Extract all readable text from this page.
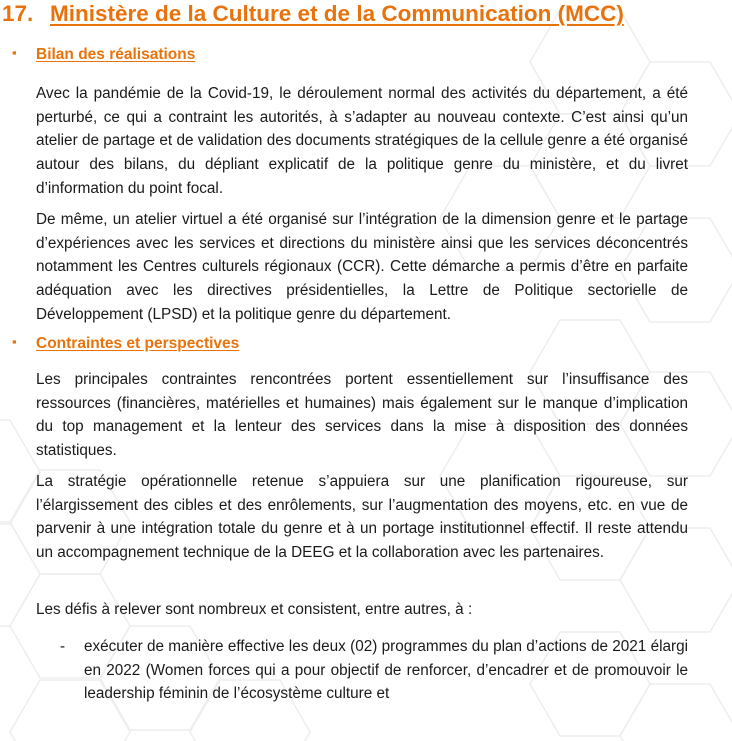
17. Ministère de la Culture et de la Communication (MCC)
▪ Bilan des réalisations

Avec la pandémie de la Covid-19, le déroulement normal des activités du département, a été perturbé, ce qui a contraint les autorités, à s’adapter au nouveau contexte. C’est ainsi qu’un atelier de partage et de validation des documents stratégiques de la cellule genre a été organisé autour des bilans, du dépliant explicatif de la politique genre du ministère, et du livret d’information du point focal.

De même, un atelier virtuel a été organisé sur l’intégration de la dimension genre et le partage d’expériences avec les services et directions du ministère ainsi que les services déconcentrés notamment les Centres culturels régionaux (CCR). Cette démarche a permis d’être en parfaite adéquation avec les directives présidentielles, la Lettre de Politique sectorielle de Développement (LPSD) et la politique genre du département.

▪ Contraintes et perspectives

Les principales contraintes rencontrées portent essentiellement sur l’insuffisance des ressources (financières, matérielles et humaines) mais également sur le manque d’implication du top management et la lenteur des services dans la mise à disposition des données statistiques.

La stratégie opérationnelle retenue s’appuiera sur une planification rigoureuse, sur l’élargissement des cibles et des enrôlements, sur l’augmentation des moyens, etc. en vue de parvenir à une intégration totale du genre et à un portage institutionnel effectif. Il reste attendu un accompagnement technique de la DEEG et la collaboration avec les partenaires.

Les défis à relever sont nombreux et consistent, entre autres, à :

- exécuter de manière effective les deux (02) programmes du plan d’actions de 2021 élargi en 2022 (Women forces qui a pour objectif de renforcer, d’encadrer et de promouvoir le leadership féminin de l’écosystème culture et
